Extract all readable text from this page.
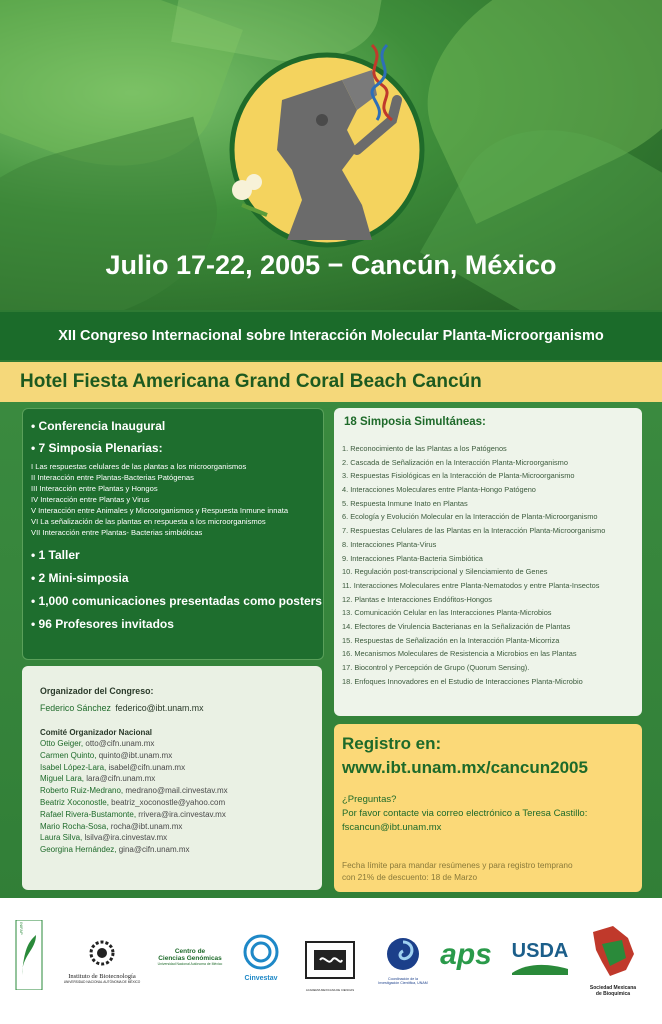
Julio 17-22, 2005 − Cancún, México
XII Congreso Internacional sobre Interacción Molecular Planta-Microorganismo
Hotel Fiesta Americana Grand Coral Beach Cancún
• Conferencia Inaugural
• 7 Simposia Plenarias:
I Las respuestas celulares de las plantas a los microorganismos
II Interacción entre Plantas-Bacterias Patógenas
III Interacción entre Plantas y Hongos
IV Interacción entre Plantas y Virus
V Interacción entre Animales y Microorganismos y Respuesta Inmune innata
VI La señalización de las plantas en respuesta a los microorganismos
VII Interacción entre Plantas- Bacterias simbióticas
• 1 Taller
• 2 Mini-simposia
• 1,000 comunicaciones presentadas como posters
• 96 Profesores invitados
18 Simposia Simultáneas:
1. Reconocimiento de las Plantas a los Patógenos
2. Cascada de Señalización en la Interacción Planta-Microorganismo
3. Respuestas Fisiológicas en la Interacción de Planta-Microorganismo
4. Interacciones Moleculares entre Planta-Hongo Patógeno
5. Respuesta Inmune Inato en Plantas
6. Ecología y Evolución Molecular en la Interacción de Planta-Microorganismo
7. Respuestas Celulares de las Plantas en la Interacción Planta-Microorganismo
8. Interacciones Planta-Virus
9. Interacciones Planta-Bacteria Simbiótica
10. Regulación post-transcripcional y Silenciamiento de Genes
11. Interacciones Moleculares entre Planta-Nematodos y entre Planta-Insectos
12. Plantas e Interacciones Endófitos-Hongos
13. Comunicación Celular en las Interacciones Planta-Microbios
14. Efectores de Virulencia Bacterianas en la Señalización de Plantas
15. Respuestas de Señalización en la Interacción Planta-Micorriza
16. Mecanismos Moleculares de Resistencia a Microbios en las Plantas
17. Biocontrol y Percepción de Grupo (Quorum Sensing).
18. Enfoques Innovadores en el Estudio de Interacciones Planta-Microbio
Organizador del Congreso:
Federico Sánchez federico@ibt.unam.mx
Comité Organizador Nacional
Otto Geiger, otto@cifn.unam.mx
Carmen Quinto, quinto@ibt.unam.mx
Isabel López-Lara, isabel@cifn.unam.mx
Miguel Lara, lara@cifn.unam.mx
Roberto Ruiz-Medrano, medrano@mail.cinvestav.mx
Beatriz Xoconostle, beatriz_xoconostle@yahoo.com
Rafael Rivera-Bustamonte, rrivera@ira.cinvestav.mx
Mario Rocha-Sosa, rocha@ibt.unam.mx
Laura Silva, lsilva@ira.cinvestav.mx
Georgina Hernández, gina@cifn.unam.mx
Registro en:
www.ibt.unam.mx/cancun2005
¿Preguntas?
Por favor contacte via correo electrónico a Teresa Castillo:
fscancun@ibt.unam.mx
Fecha límite para mandar resúmenes y para registro temprano
con 21% de descuento: 18 de Marzo
INIFAP
Instituto de Biotecnología
UNIVERSIDAD NACIONAL AUTÓNOMA DE MÉXICO
Centro de
Ciencias Genómicas
Universidad Nacional Autónoma de México
Cinvestav
ACADEMIA MEXICANA DE CIENCIAS
Coordinación de la
Investigación Científica, UNAM
aps USDA
Sociedad Mexicana
de Bioquímica
